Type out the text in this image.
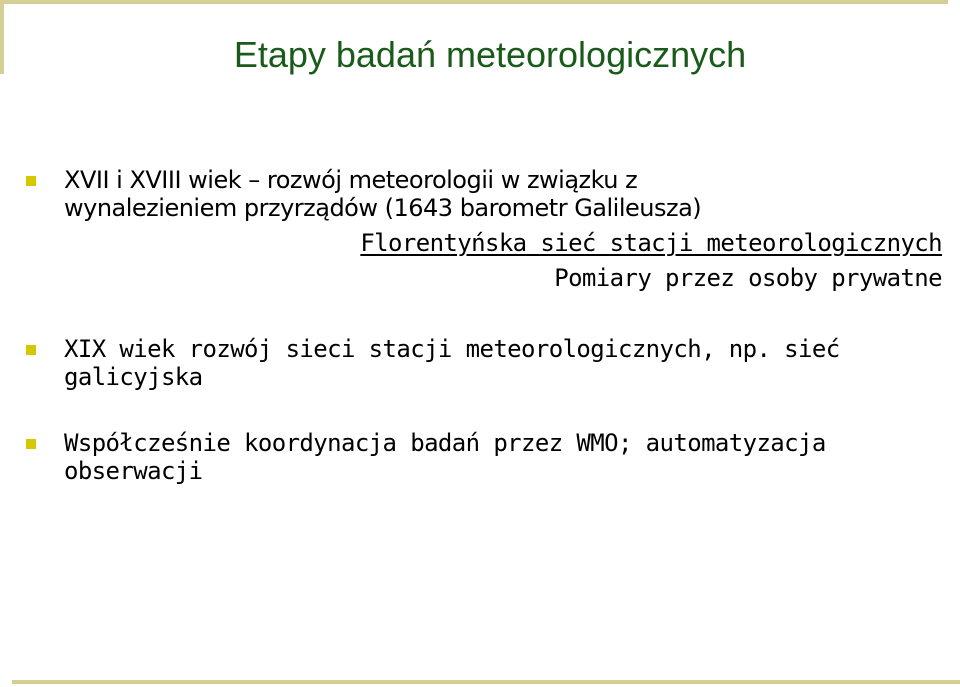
Etapy badań meteorologicznych
XVII i XVIII wiek – rozwój meteorologii w związku z
wynalezieniem przyrządów (1643 barometr Galileusza)
Florentyńska sieć stacji meteorologicznych
Pomiary przez osoby prywatne
XIX wiek rozwój sieci stacji meteorologicznych, np. sieć
galicyjska
Współcześnie koordynacja badań przez WMO; automatyzacja
obserwacji
